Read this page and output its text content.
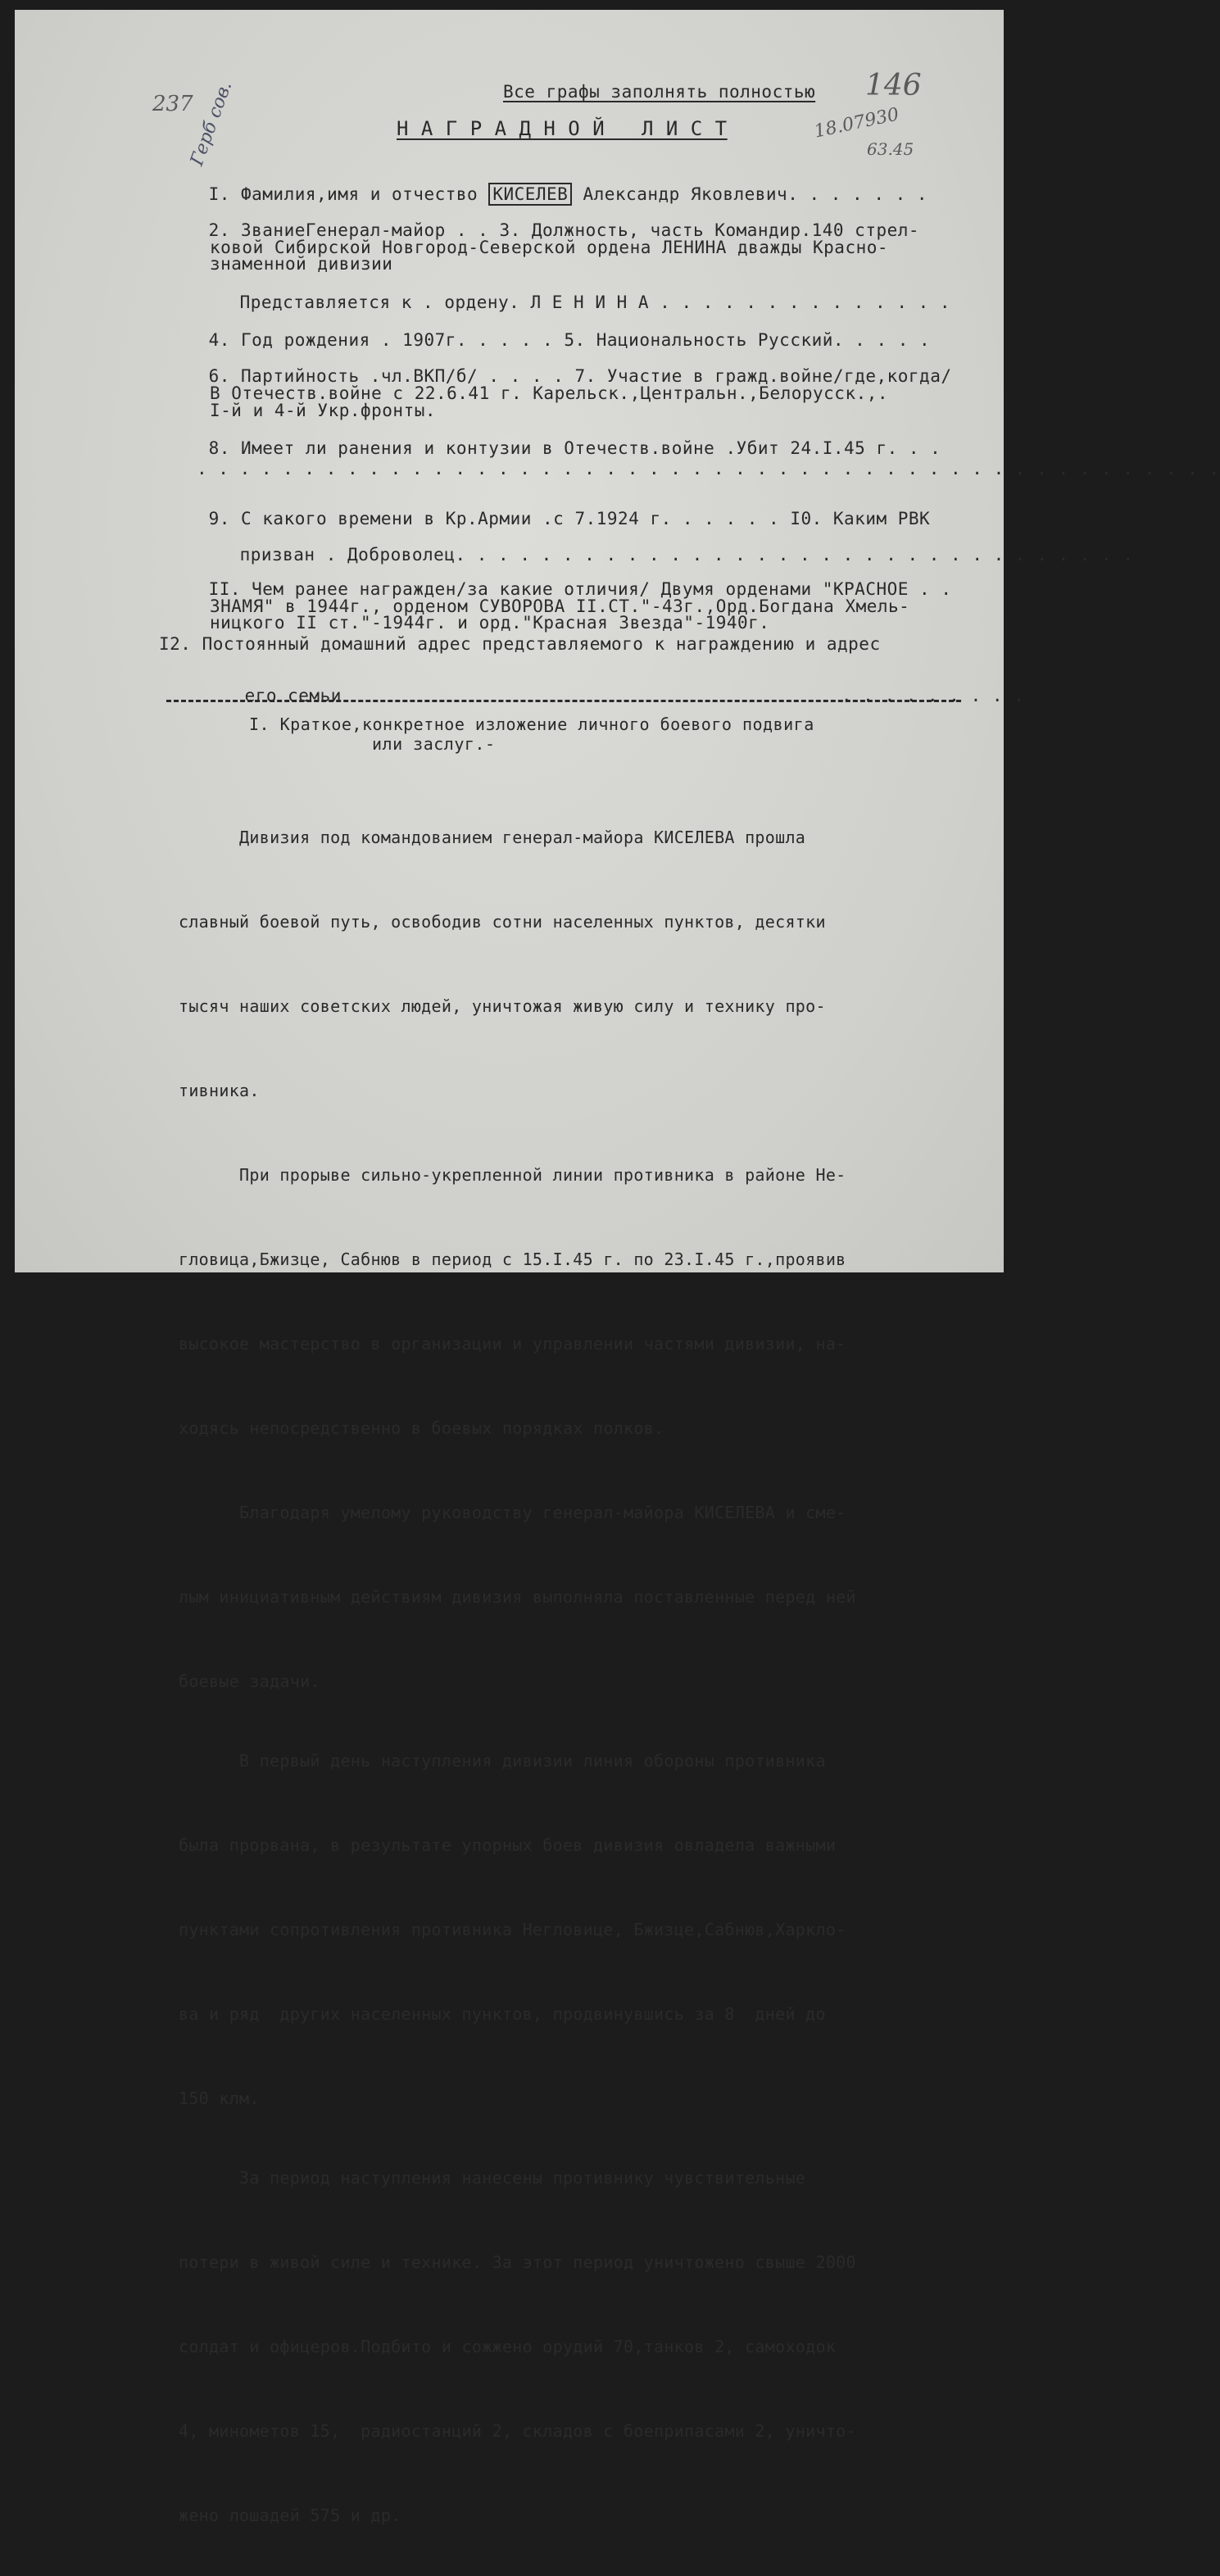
237
Герб сов.	Все графы заполнять полностью 146
18.07930
63.45
Н А Г Р А Д Н О Й   Л И С Т

I. Фамилия,имя и отчество КИСЕЛЕВ Александр Яковлевич. . . . . . .

2. ЗваниеГенерал-майор . . 3. Должность, часть Командир.140 стрел-

ковой Сибирской Новгород-Северской ордена ЛЕНИНА дважды Красно-
знаменной дивизии

Представляется к . ордену. Л Е Н И Н А . . . . . . . . . . . . . .

4. Год рождения . 1907г. . . . . 5. Национальность Русский. . . . .

6. Партийность .чл.ВКП/б/ . . . . 7. Участие в гражд.войне/где,когда/

В Отечеств.войне с 22.6.41 г. Карельск.,Центральн.,Белорусск.,.
I-й и 4-й Укр.фронты.

8. Имеет ли ранения и контузии в Отечеств.войне .Убит 24.I.45 г. . .

. . . . . . . . . . . . . . . . . . . . . . . . . . . . . . . . . . . . . . . . . . . . . . . .

9. С какого времени в Кр.Армии .с 7.1924 г. . . . . . I0. Каким РВК

призван . Доброволец. . . . . . . . . . . . . . . . . . . . . . . . . . . . . . . .

II. Чем ранее награжден/за какие отличия/ Двумя орденами "КРАСНОЕ . .

ЗНАМЯ" в 1944г., орденом СУВОРОВА II.СТ."-43г.,Орд.Богдана Хмель-
ницкого II ст."-1944г. и орд."Красная Звезда"-1940г.
I2. Постоянный домашний адрес представляемого к награждению и адрес

его семьи	. . . . . . . . .

I. Краткое,конкретное изложение личного боевого подвига
или заслуг.-

Дивизия под командованием генерал-майора КИСЕЛЕВА прошла

славный боевой путь, освободив сотни населенных пунктов, десятки

тысяч наших советских людей, уничтожая живую силу и технику про-

тивника.

При прорыве сильно-укрепленной линии противника в районе Не-

гловица,Бжизце, Сабнюв в период с 15.I.45 г. по 23.I.45 г.,проявив

высокое мастерство в организации и управлении частями дивизии, на-

ходясь непосредственно в боевых порядках полков.

Благодаря умелому руководству генерал-майора КИСЕЛЕВА и сме-

лым инициативным действиям дивизия выполняла поставленные перед ней

боевые задачи.

В первый день наступления дивизии линия обороны противника

была прорвана, в результате упорных боев дивизия овладела важными

пунктами сопротивления противника Негловице, Бжизце,Сабнюв,Харкло-

ва и ряд  других населенных пунктов, продвинувшись за 8  дней до

150 клм.

За период наступления нанесены противнику чувствительные

потери в живой силе и технике. За этот период уничтожено свыше 2000

солдат и офицеров.Подбито и сожжено орудий 70,танков 2, самоходок

4, минометов 15,  радиостанций 2, складов с боеприпасами 2, уничто-

жено лошадей 575 и др.
